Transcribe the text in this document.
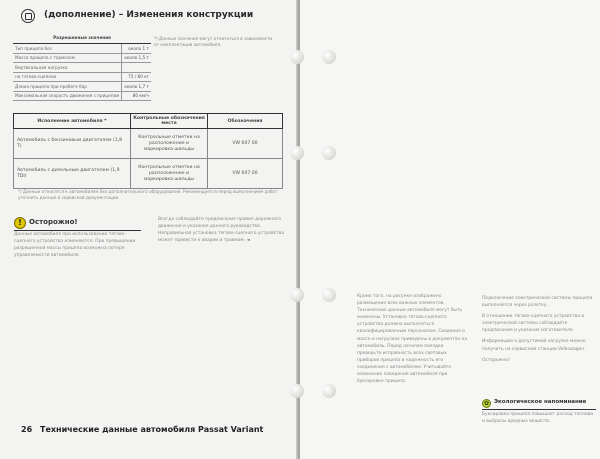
(дополнение) – Изменения конструкции
Разрешенные значения	
Тип прицепа без	около 1 т
Масса прицепа с тормозом	около 1,5 т
Вертикальная нагрузка	
на тягово-сцепное	75 / 80 кг
Длина прицепа при пробеге бар	около 1,7 т
Максимальная скорость движения с прицепом	80 км/ч
*) Данные значения могут отличаться в зависимости от комплектации автомобиля.
Исполнение автомобиля *	Контрольные обозначения места	Обозначения
Автомобиль с бензиновым двигателем (1,8 T)	Контрольные отметки на расположение и маркировка шильды	VW 607 00
Автомобиль с дизельным двигателем (1,9 TDI)	Контрольные отметки на расположение и маркировка шильды	VW 607 00
*) Данные относятся к автомобилям без дополнительного оборудования. Рекомендуется перед выполнением работ уточнить данные в сервисной документации.
!	Осторожно!
Данные автомобиля при использовании тягово-сцепного устройства изменяются. При превышении разрешенной массы прицепа возможна потеря управляемости автомобиля.
Всегда соблюдайте предписания правил дорожного движения и указания данного руководства. Неправильная установка тягово-сцепного устройства может привести к аварии и травмам. ◄
26 Технические данные автомобиля Passat Variant
Кроме того, на рисунке изображено размещение всех важных элементов. Технические данные автомобиля могут быть изменены. Установка тягово-сцепного устройства должна выполняться квалифицированным персоналом. Сведения о массе и нагрузках приведены в документах на автомобиль. Перед началом поездки проверьте исправность всех световых приборов прицепа и надежность его соединения с автомобилем. Учитывайте изменение поведения автомобиля при буксировке прицепа.

Подключение электрической системы прицепа выполняется через розетку.

В отношении тягово-сцепного устройства и электрической системы соблюдайте предписания и указания изготовителя.

Информацию о допустимой нагрузке можно получить на сервисной станции Volkswagen.

Осторожно!

✿ Экологическое напоминание
Буксировка прицепа повышает расход топлива и выбросы вредных веществ.
